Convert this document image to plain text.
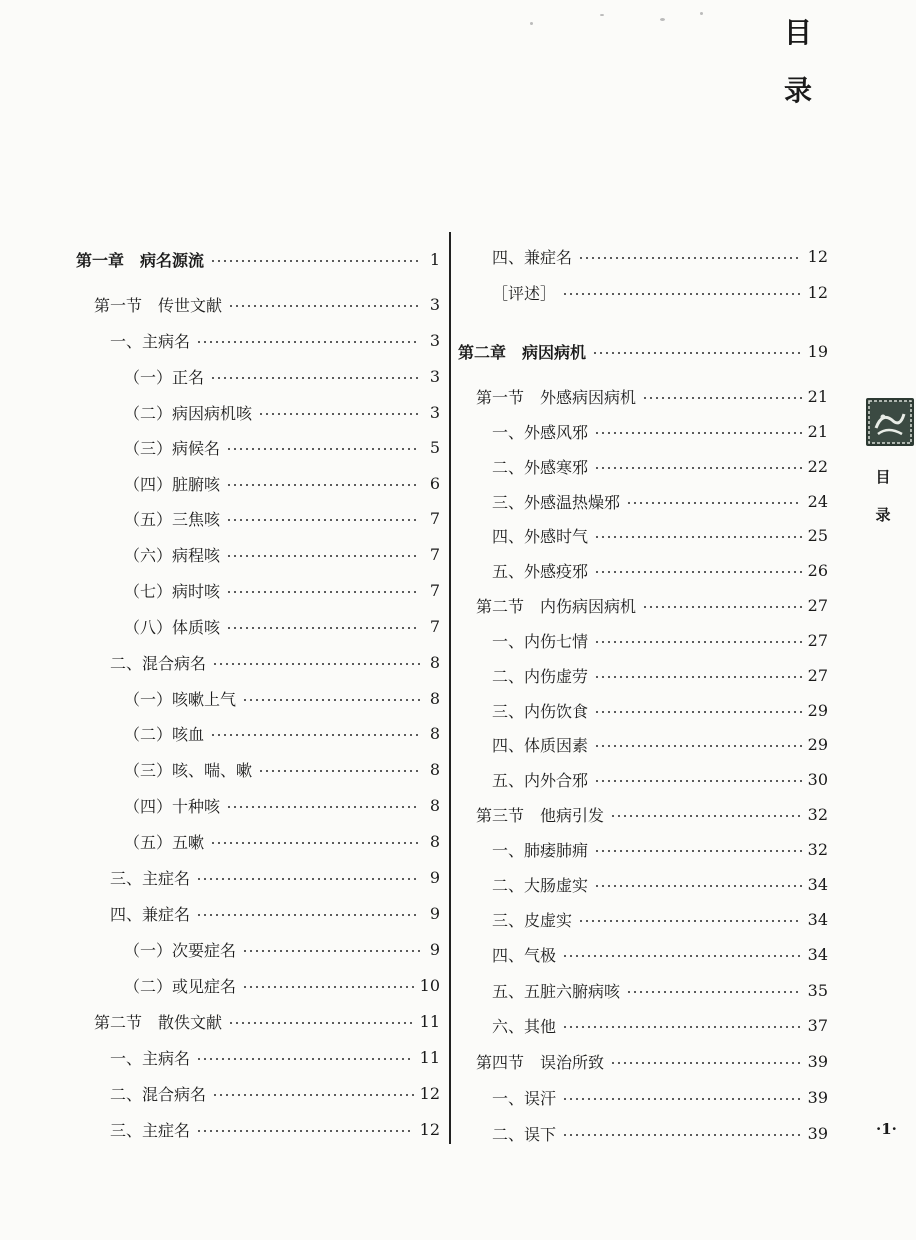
目
录
第一章　病名源流	1
第一节　传世文献	3
一、主病名	3
（一）正名	3
（二）病因病机咳	3
（三）病候名	5
（四）脏腑咳	6
（五）三焦咳	7
（六）病程咳	7
（七）病时咳	7
（八）体质咳	7
二、混合病名	8
（一）咳嗽上气	8
（二）咳血	8
（三）咳、喘、嗽	8
（四）十种咳	8
（五）五嗽	8
三、主症名	9
四、兼症名	9
（一）次要症名	9
（二）或见症名	10
第二节　散佚文献	11
一、主病名	11
二、混合病名	12
三、主症名	12
四、兼症名	12
［评述］	12
第二章　病因病机	19
第一节　外感病因病机	21
一、外感风邪	21
二、外感寒邪	22
三、外感温热燥邪	24
四、外感时气	25
五、外感疫邪	26
第二节　内伤病因病机	27
一、内伤七情	27
二、内伤虚劳	27
三、内伤饮食	29
四、体质因素	29
五、内外合邪	30
第三节　他病引发	32
一、肺痿肺痈	32
二、大肠虚实	34
三、皮虚实	34
四、气极	34
五、五脏六腑病咳	35
六、其他	37
第四节　误治所致	39
一、误汗	39
二、误下	39
目
录
·1·
